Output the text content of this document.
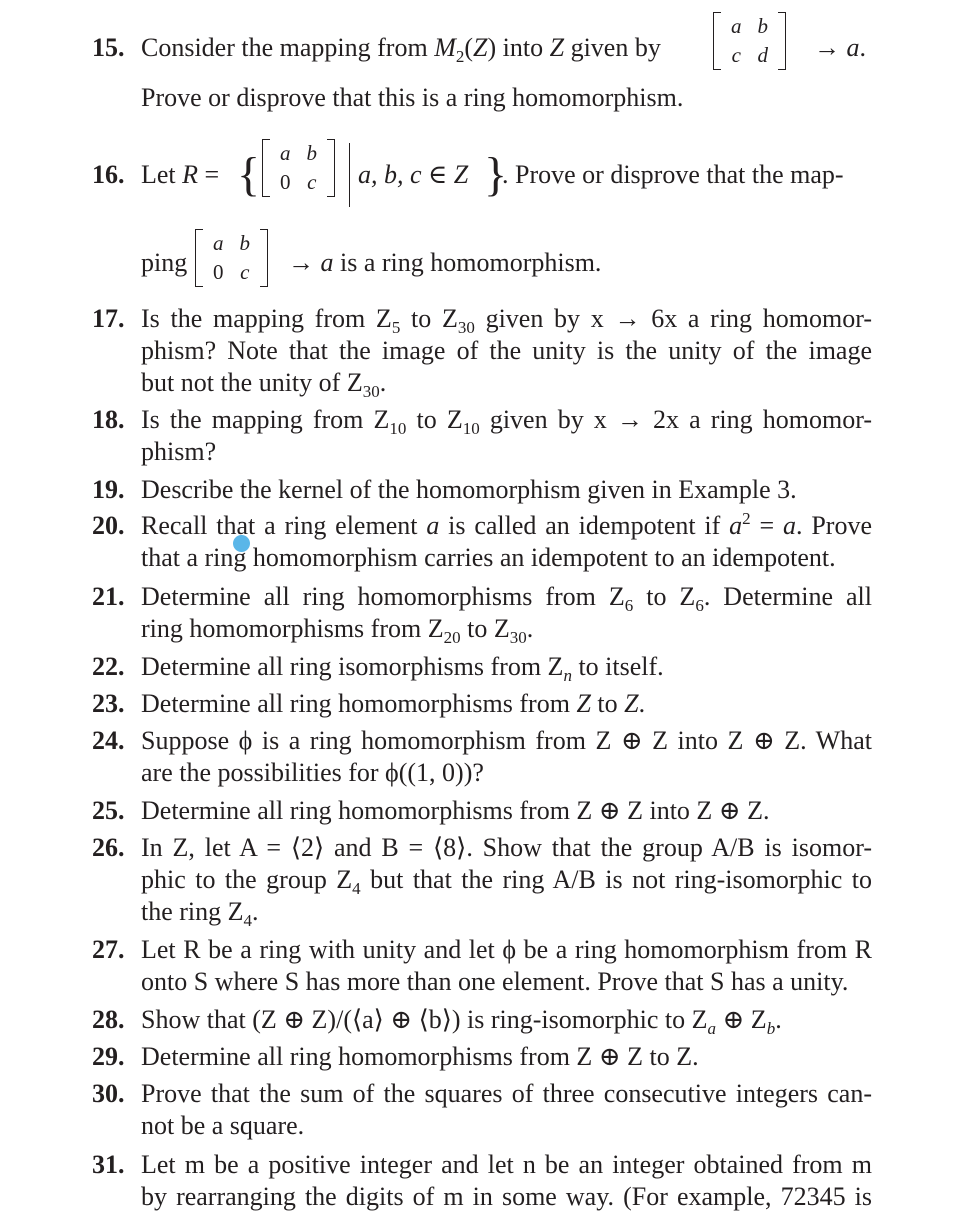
15. Consider the mapping from $M_2(Z)$ into Z given by
a	b
c	d → a.
Prove or disprove that this is a ring homomorphism.
16. Let R = { a	b
0	c a, b, c ∈ Z }
. Prove or disprove that the map-
ping
a	b
0	c → a is a ring homomorphism.
17. Is the mapping from $Z_5$ to $Z_{30}$ given by x → 6x a ring homomor-
phism? Note that the image of the unity is the unity of the image
but not the unity of $Z_{30}$.
18. Is the mapping from $Z_{10}$ to $Z_{10}$ given by x → 2x a ring homomor-
phism?
19. Describe the kernel of the homomorphism given in Example 3.
20. Recall that a ring element a is called an idempotent if $a^2 = a$. Prove
that a ring homomorphism carries an idempotent to an idempotent.
21. Determine all ring homomorphisms from $Z_6$ to $Z_6$. Determine all
ring homomorphisms from $Z_{20}$ to $Z_{30}$.
22. Determine all ring isomorphisms from $Z_n$ to itself.
23. Determine all ring homomorphisms from Z to Z.
24. Suppose ϕ is a ring homomorphism from Z ⊕ Z into Z ⊕ Z. What
are the possibilities for ϕ((1, 0))?
25. Determine all ring homomorphisms from Z ⊕ Z into Z ⊕ Z.
26. In Z, let A = ⟨2⟩ and B = ⟨8⟩. Show that the group A/B is isomor-
phic to the group $Z_4$ but that the ring A/B is not ring-isomorphic to
the ring $Z_4$.
27. Let R be a ring with unity and let ϕ be a ring homomorphism from R
onto S where S has more than one element. Prove that S has a unity.
28. Show that (Z ⊕ Z)/(⟨a⟩ ⊕ ⟨b⟩) is ring-isomorphic to $Z_a$ ⊕ $Z_b$.
29. Determine all ring homomorphisms from Z ⊕ Z to Z.
30. Prove that the sum of the squares of three consecutive integers can-
not be a square.
31. Let m be a positive integer and let n be an integer obtained from m
by rearranging the digits of m in some way. (For example, 72345 is
